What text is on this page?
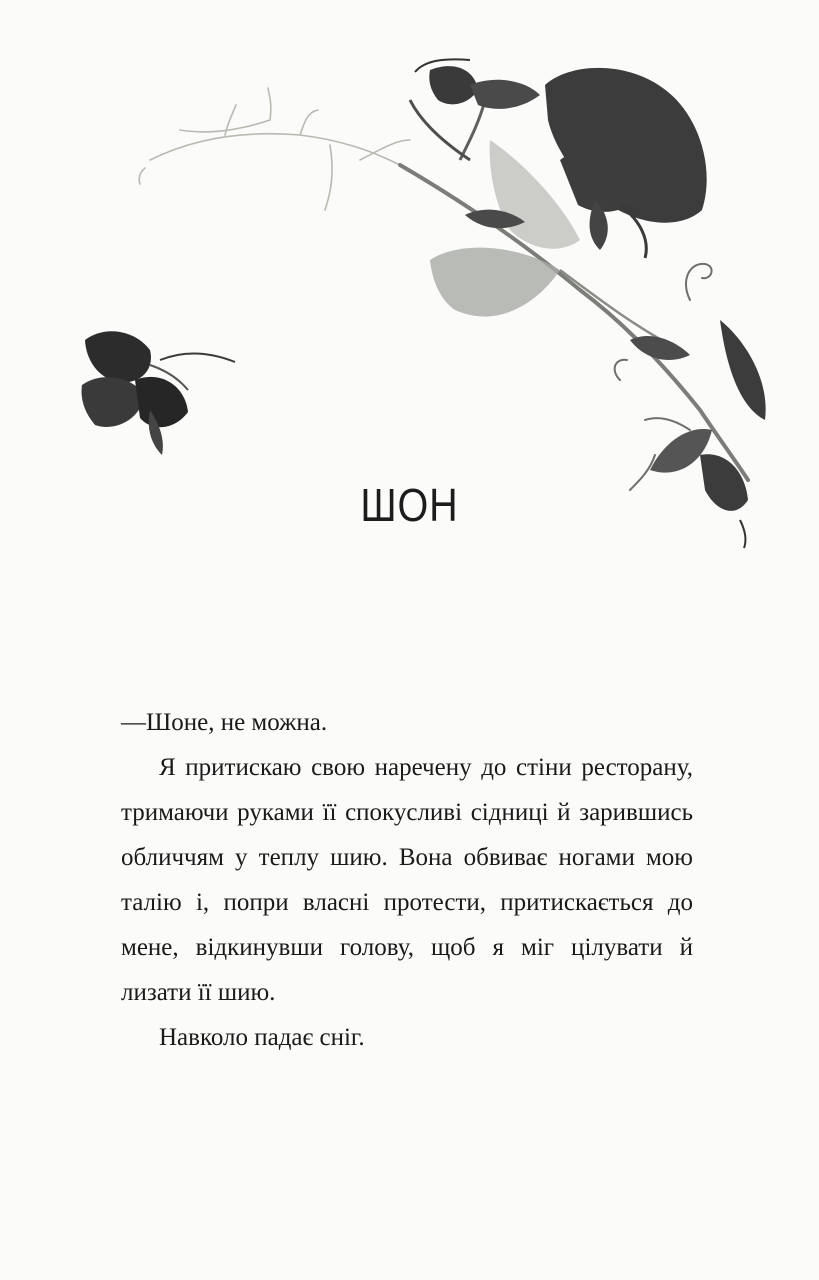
ШОН

—Шоне, не можна.

Я притискаю свою наречену до стіни ресторану, тримаючи руками її спокусливі сідниці й зарившись обличчям у теплу шию. Вона обвиває ногами мою талію і, попри власні протести, притискається до мене, відкинувши голову, щоб я міг цілувати й лизати її шию.

Навколо падає сніг.
